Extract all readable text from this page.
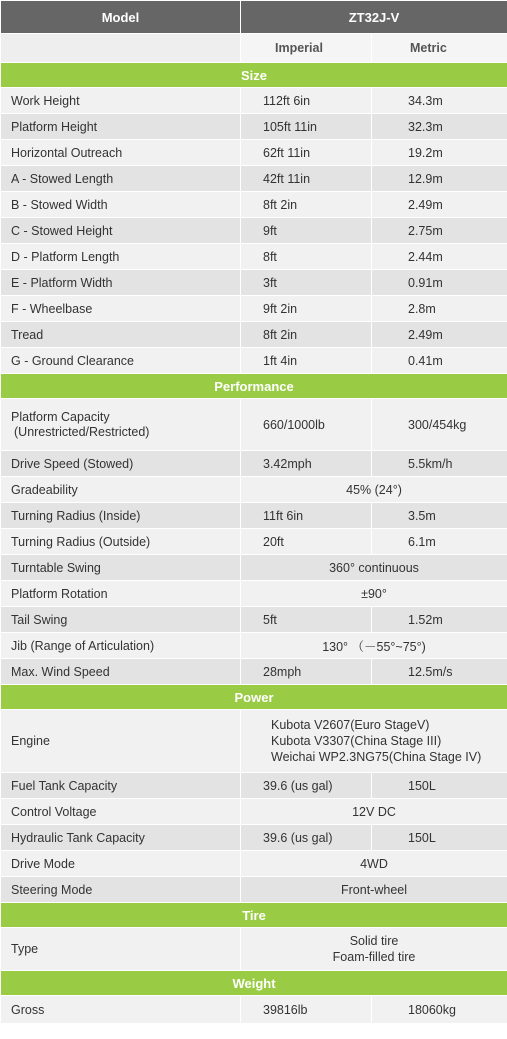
Model	ZT32J-V	
	Imperial	Metric
Size		
Work Height	112ft 6in	34.3m
Platform Height	105ft 11in	32.3m
Horizontal Outreach	62ft 11in	19.2m
A - Stowed Length	42ft 11in	12.9m
B - Stowed Width	8ft 2in	2.49m
C - Stowed Height	9ft	2.75m
D - Platform Length	8ft	2.44m
E - Platform Width	3ft	0.91m
F - Wheelbase	9ft 2in	2.8m
Tread	8ft 2in	2.49m
G - Ground Clearance	1ft 4in	0.41m
Performance		

Platform Capacity
(Unrestricted/Restricted)	660/1000lb	300/454kg
Drive Speed (Stowed)	3.42mph	5.5km/h
Gradeability	45% (24°)	
Turning Radius (Inside)	11ft 6in	3.5m
Turning Radius (Outside)	20ft	6.1m
Turntable Swing	360° continuous	
Platform Rotation	±90°	
Tail Swing	5ft	1.52m
Jib (Range of Articulation)	130° （－55°~75°)	
Max. Wind Speed	28mph	12.5m/s
Power		
Engine	Kubota V2607(Euro StageV)
Kubota V3307(China Stage III)
Weichai WP2.3NG75(China Stage IV)	

Fuel Tank Capacity	39.6 (us gal)	150L
Control Voltage	12V DC	
Hydraulic Tank Capacity	39.6 (us gal)	150L
Drive Mode	4WD	
Steering Mode	Front-wheel	
Tire		
Type	Solid tire
Foam-filled tire	

Weight		
Gross	39816lb	18060kg
